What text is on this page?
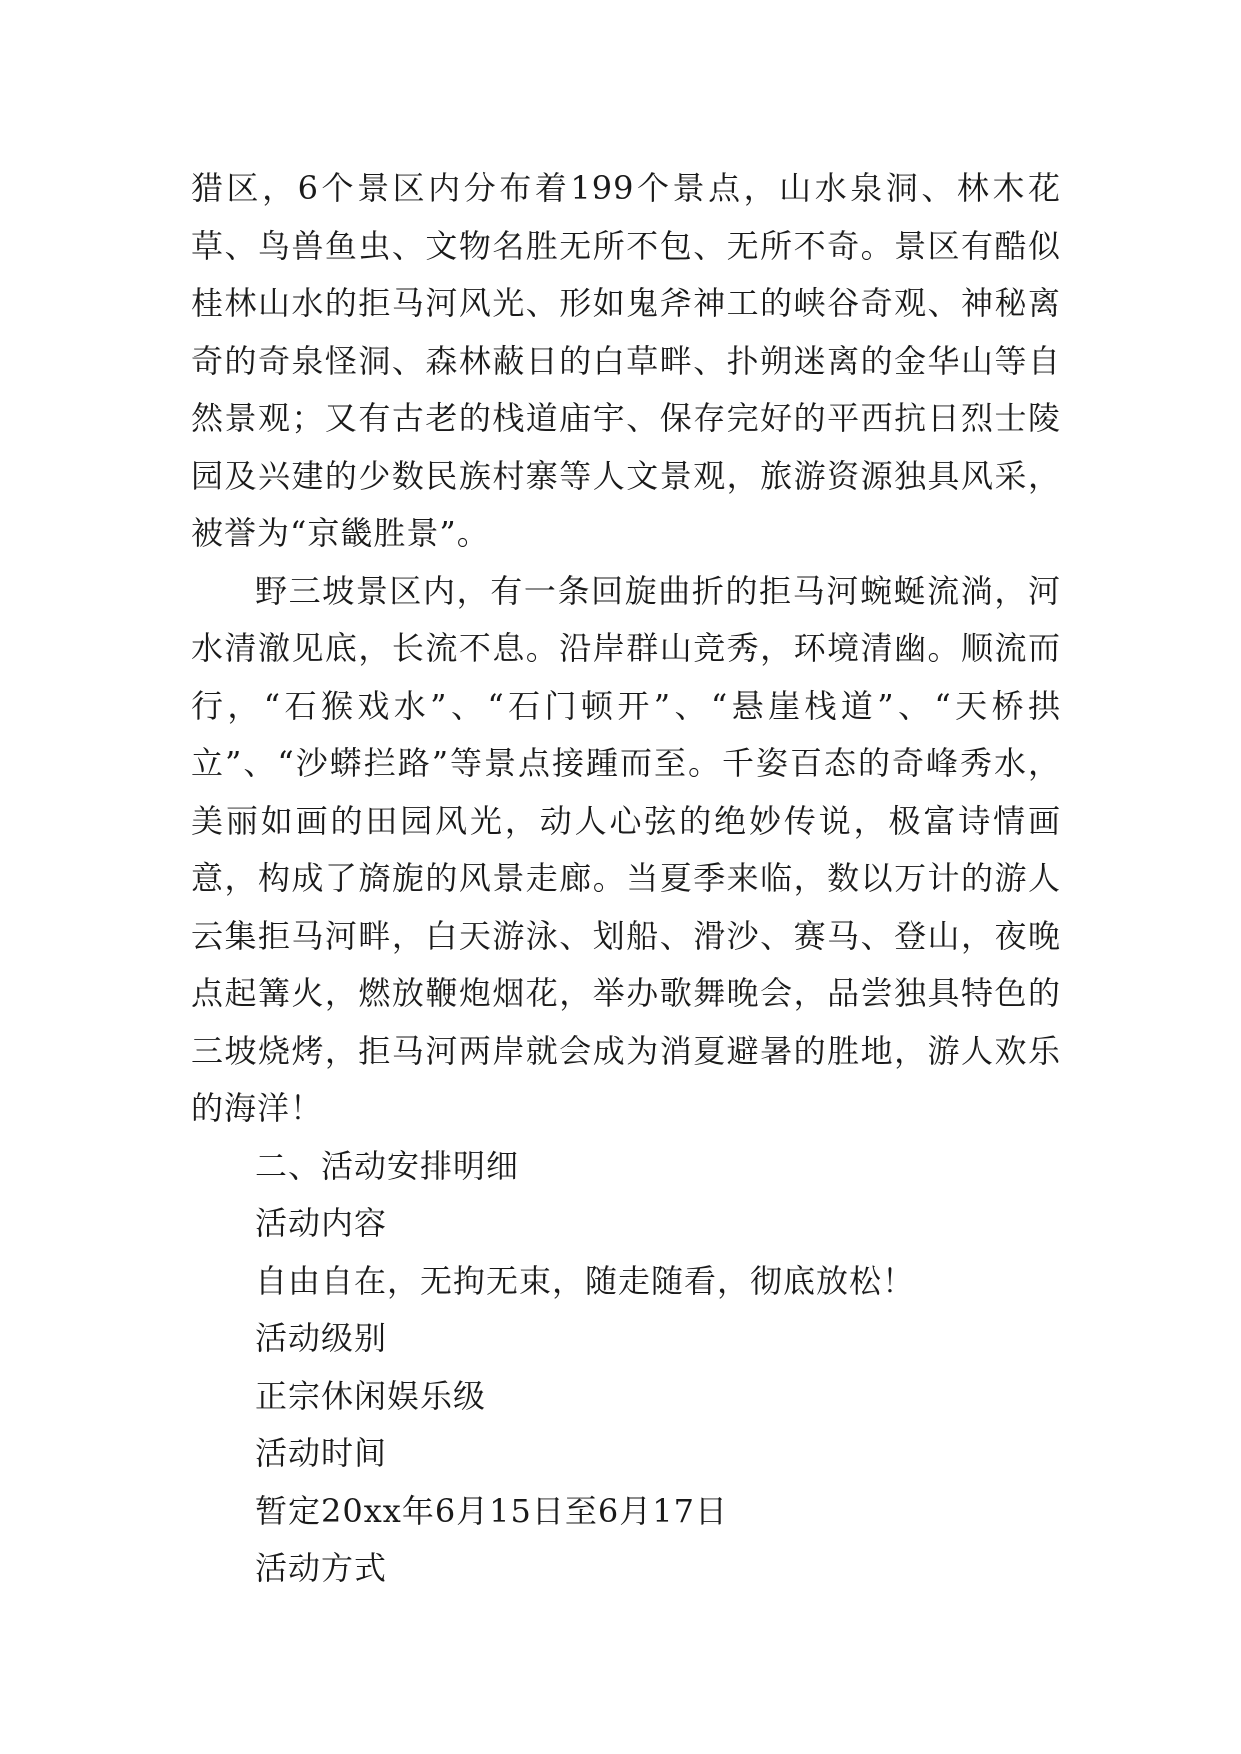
猎区，6个景区内分布着199个景点，山水泉洞、林木花草、鸟兽鱼虫、文物名胜无所不包、无所不奇。景区有酷似桂林山水的拒马河风光、形如鬼斧神工的峡谷奇观、神秘离奇的奇泉怪洞、森林蔽日的白草畔、扑朔迷离的金华山等自然景观；又有古老的栈道庙宇、保存完好的平西抗日烈士陵园及兴建的少数民族村寨等人文景观，旅游资源独具风采，被誉为“京畿胜景”。

野三坡景区内，有一条回旋曲折的拒马河蜿蜒流淌，河水清澈见底，长流不息。沿岸群山竞秀，环境清幽。顺流而行，“石猴戏水”、“石门顿开”、“悬崖栈道”、“天桥拱立”、“沙蟒拦路”等景点接踵而至。千姿百态的奇峰秀水，美丽如画的田园风光，动人心弦的绝妙传说，极富诗情画意，构成了旖旎的风景走廊。当夏季来临，数以万计的游人云集拒马河畔，白天游泳、划船、滑沙、赛马、登山，夜晚点起篝火，燃放鞭炮烟花，举办歌舞晚会，品尝独具特色的三坡烧烤，拒马河两岸就会成为消夏避暑的胜地，游人欢乐的海洋！

二、活动安排明细

活动内容

自由自在，无拘无束，随走随看，彻底放松！

活动级别

正宗休闲娱乐级

活动时间

暂定20xx年6月15日至6月17日

活动方式
